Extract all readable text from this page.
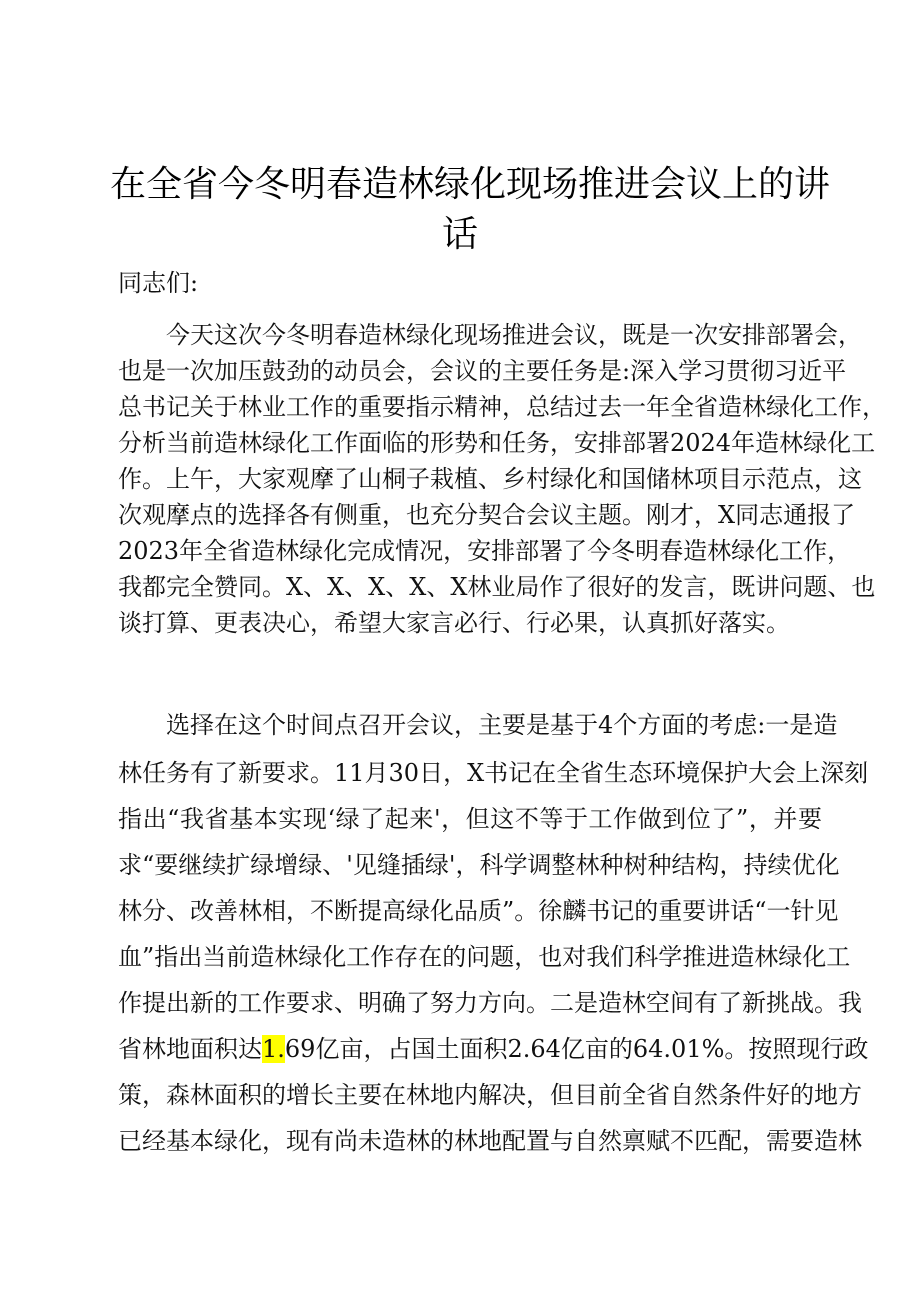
在全省今冬明春造林绿化现场推进会议上的讲
话
同志们:
今天这次今冬明春造林绿化现场推进会议，既是一次安排部署会，
也是一次加压鼓劲的动员会，会议的主要任务是:深入学习贯彻习近平
总书记关于林业工作的重要指示精神，总结过去一年全省造林绿化工作，
分析当前造林绿化工作面临的形势和任务，安排部署2024年造林绿化工
作。上午，大家观摩了山桐子栽植、乡村绿化和国储林项目示范点，这
次观摩点的选择各有侧重，也充分契合会议主题。刚才，X同志通报了
2023年全省造林绿化完成情况，安排部署了今冬明春造林绿化工作，
我都完全赞同。X、X、X、X、X林业局作了很好的发言，既讲问题、也
谈打算、更表决心，希望大家言必行、行必果，认真抓好落实。
选择在这个时间点召开会议，主要是基于4个方面的考虑:一是造
林任务有了新要求。11月30日，X书记在全省生态环境保护大会上深刻
指出“我省基本实现‘绿了起来'，但这不等于工作做到位了”，并要
求“要继续扩绿增绿、'见缝插绿'，科学调整林种树种结构，持续优化
林分、改善林相，不断提高绿化品质”。徐麟书记的重要讲话“一针见
血”指出当前造林绿化工作存在的问题，也对我们科学推进造林绿化工
作提出新的工作要求、明确了努力方向。二是造林空间有了新挑战。我
省林地面积达1.69亿亩，占国土面积2.64亿亩的64.01%。按照现行政
策，森林面积的增长主要在林地内解决，但目前全省自然条件好的地方
已经基本绿化，现有尚未造林的林地配置与自然禀赋不匹配，需要造林
